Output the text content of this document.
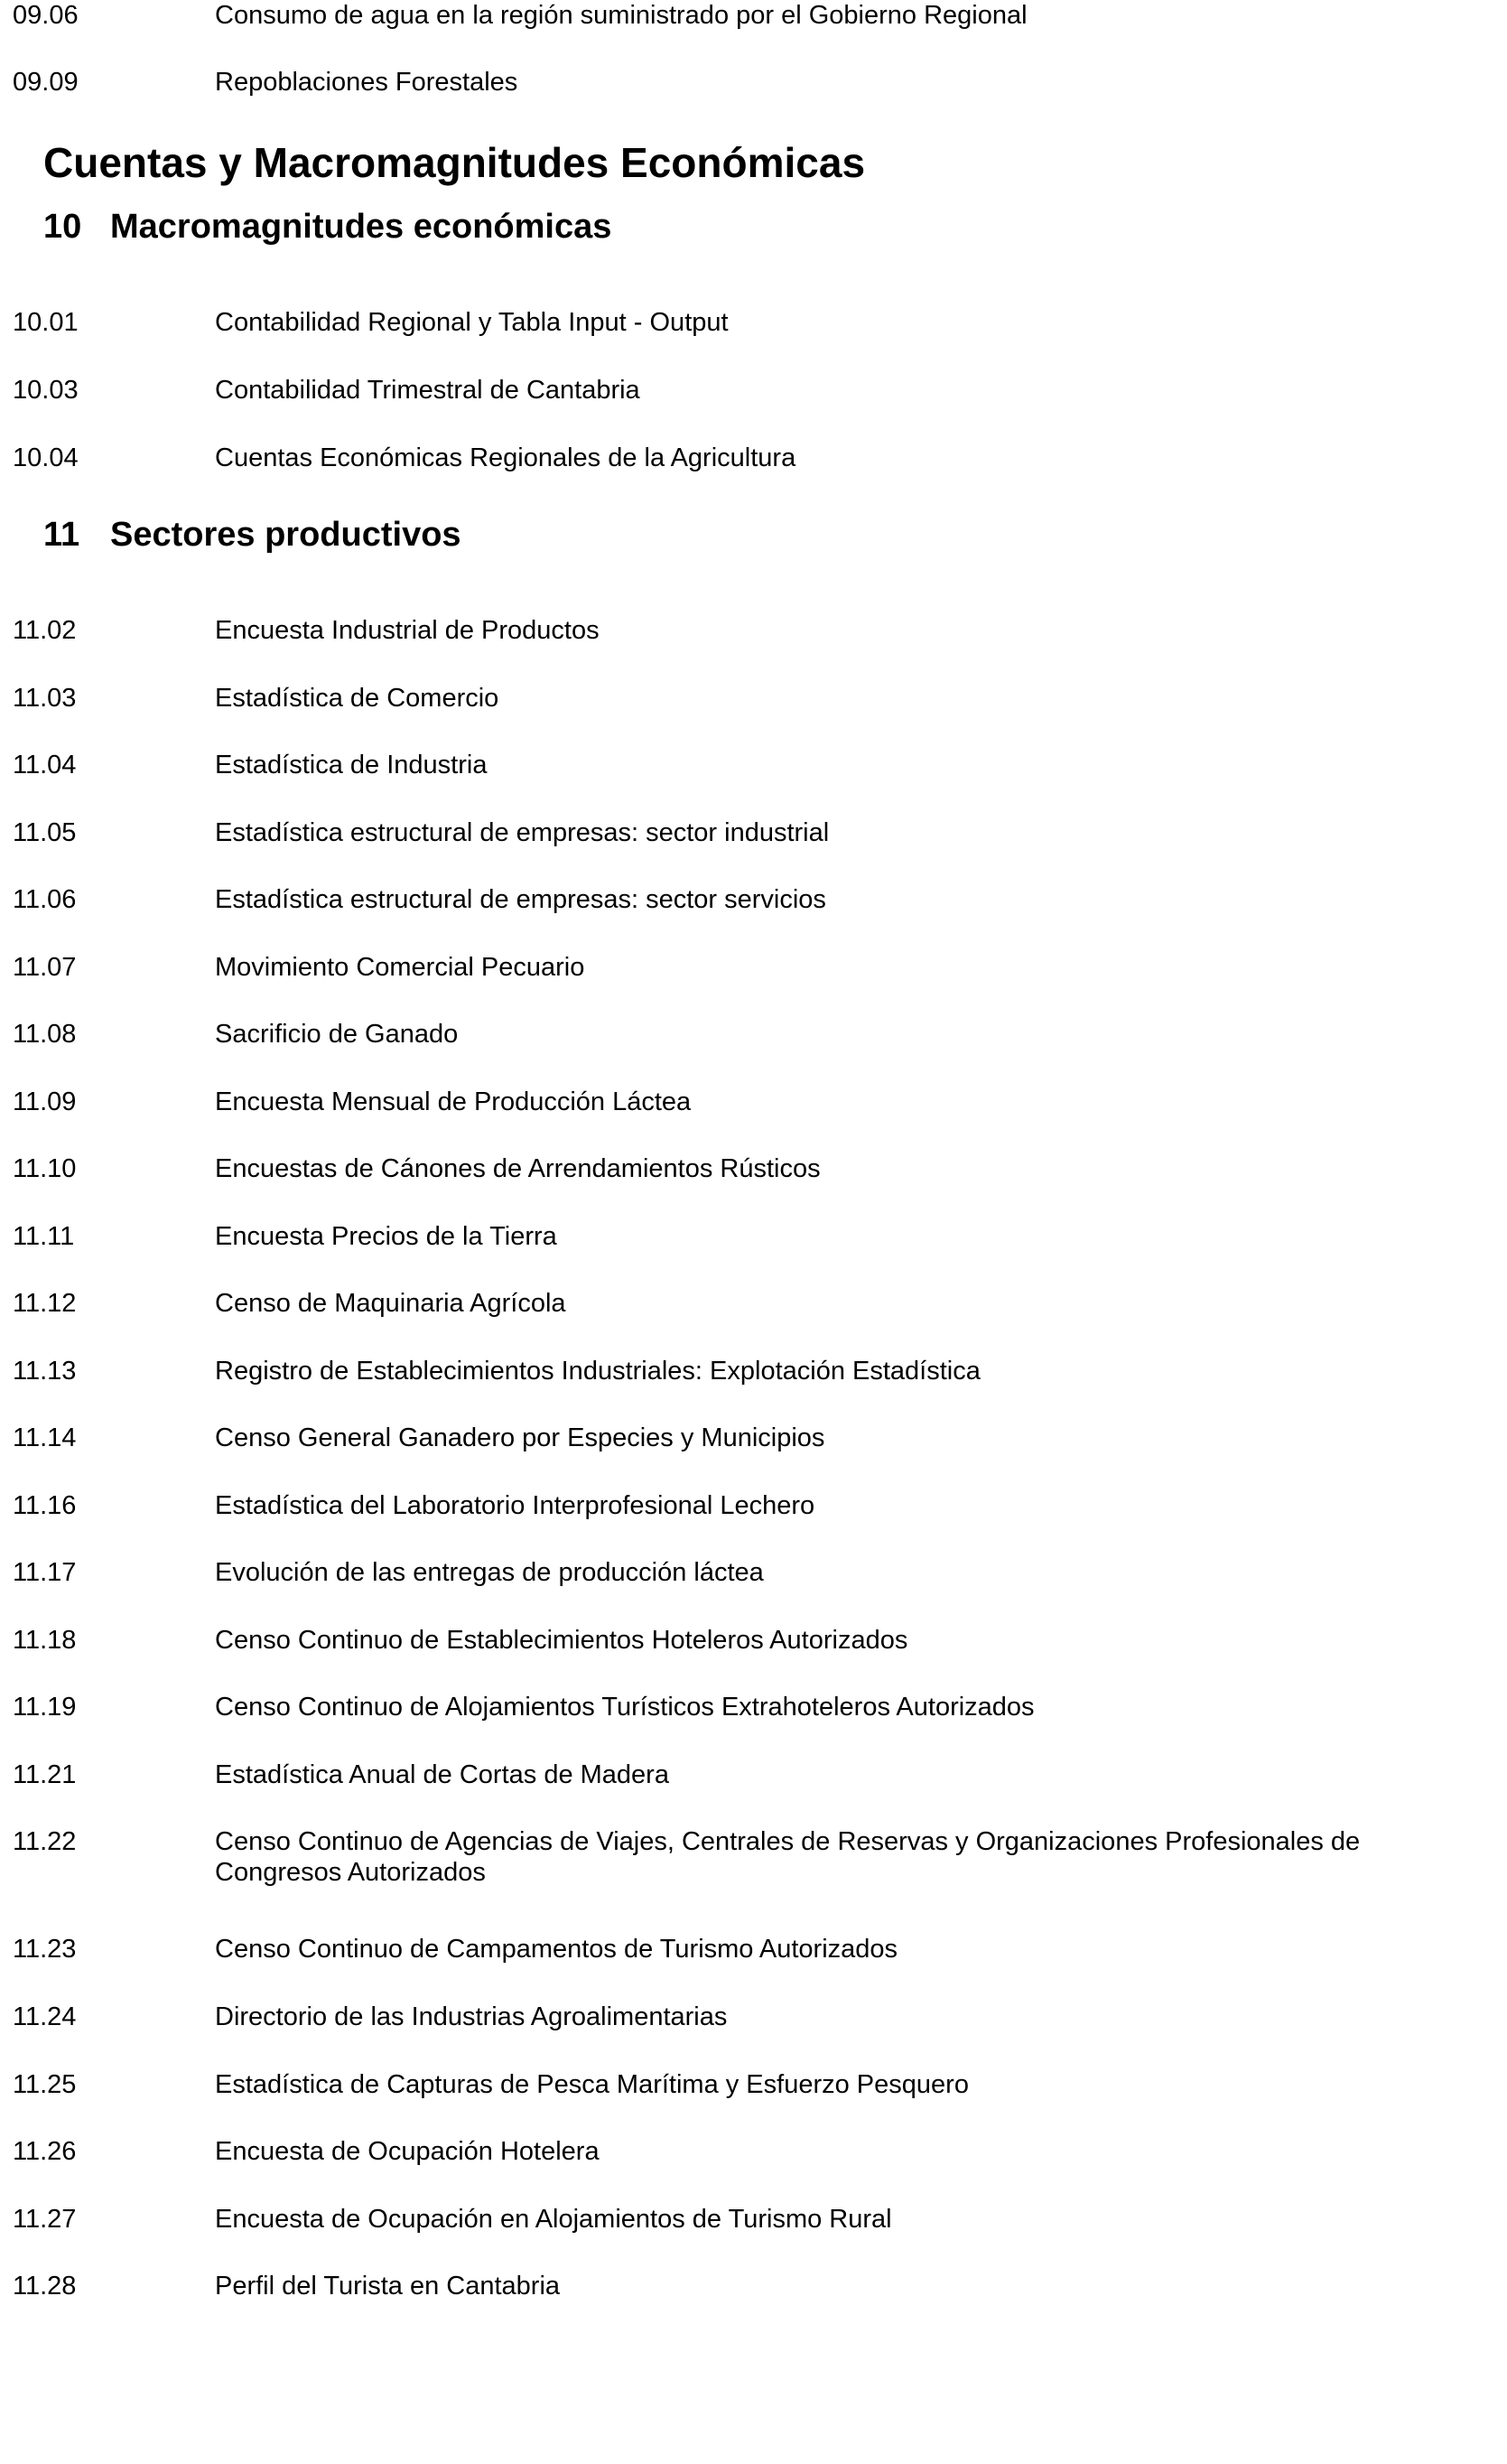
09.06	Consumo de agua en la región suministrado por el Gobierno Regional
09.09	Repoblaciones Forestales
Cuentas y Macromagnitudes Económicas
10 Macromagnitudes económicas
10.01	Contabilidad Regional y Tabla Input - Output
10.03	Contabilidad Trimestral de Cantabria
10.04	Cuentas Económicas Regionales de la Agricultura
11 Sectores productivos
11.02	Encuesta Industrial de Productos
11.03	Estadística de Comercio
11.04	Estadística de Industria
11.05	Estadística estructural de empresas: sector industrial
11.06	Estadística estructural de empresas: sector servicios
11.07	Movimiento Comercial Pecuario
11.08	Sacrificio de Ganado
11.09	Encuesta Mensual de Producción Láctea
11.10	Encuestas de Cánones de Arrendamientos Rústicos
11.11	Encuesta Precios de la Tierra
11.12	Censo de Maquinaria Agrícola
11.13	Registro de Establecimientos Industriales: Explotación Estadística
11.14	Censo General Ganadero por Especies y Municipios
11.16	Estadística del Laboratorio Interprofesional Lechero
11.17	Evolución de las entregas de producción láctea
11.18	Censo Continuo de Establecimientos Hoteleros Autorizados
11.19	Censo Continuo de Alojamientos Turísticos Extrahoteleros Autorizados
11.21	Estadística Anual de Cortas de Madera
11.22	Censo Continuo de Agencias de Viajes, Centrales de Reservas y Organizaciones Profesionales de Congresos Autorizados
11.23	Censo Continuo de Campamentos de Turismo Autorizados
11.24	Directorio de las Industrias Agroalimentarias
11.25	Estadística de Capturas de Pesca Marítima y Esfuerzo Pesquero
11.26	Encuesta de Ocupación Hotelera
11.27	Encuesta de Ocupación en Alojamientos de Turismo Rural
11.28	Perfil del Turista en Cantabria
